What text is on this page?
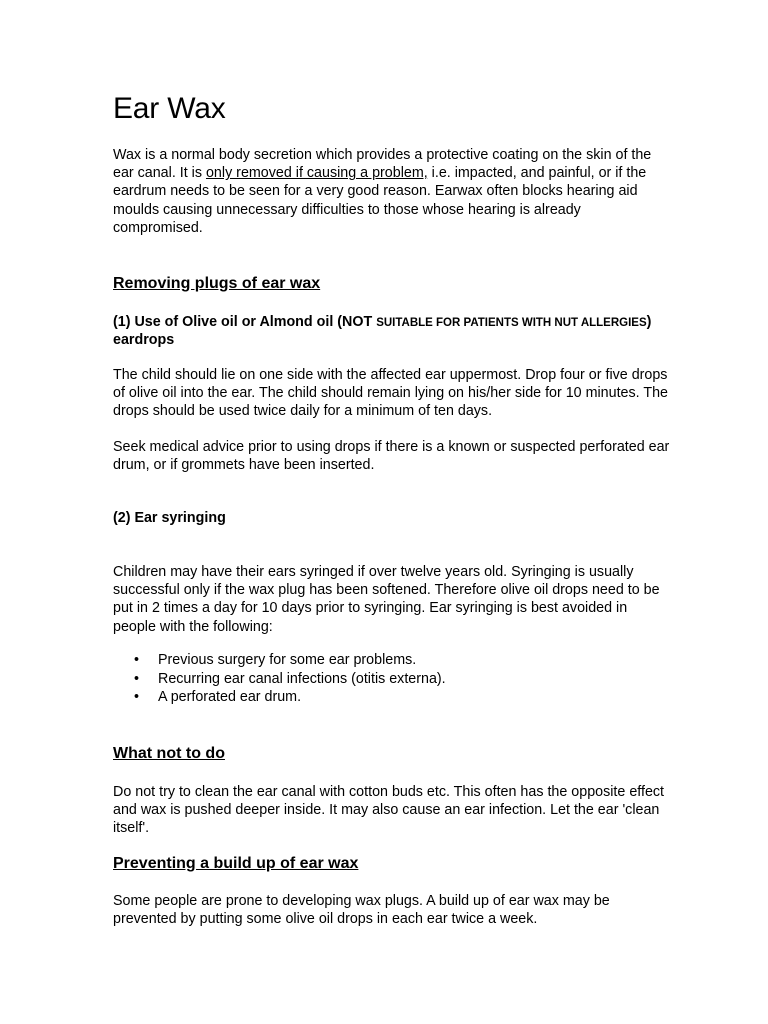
Ear Wax

Wax is a normal body secretion which provides a protective coating on the skin of the ear canal. It is only removed if causing a problem, i.e. impacted, and painful, or if the eardrum needs to be seen for a very good reason. Earwax often blocks hearing aid moulds causing unnecessary difficulties to those whose hearing is already compromised.

Removing plugs of ear wax
(1) Use of Olive oil or Almond oil (NOT SUITABLE FOR PATIENTS WITH NUT ALLERGIES) eardrops

The child should lie on one side with the affected ear uppermost. Drop four or five drops of olive oil into the ear. The child should remain lying on his/her side for 10 minutes. The drops should be used twice daily for a minimum of ten days.

Seek medical advice prior to using drops if there is a known or suspected perforated ear drum, or if grommets have been inserted.

(2) Ear syringing

Children may have their ears syringed if over twelve years old. Syringing is usually successful only if the wax plug has been softened. Therefore olive oil drops need to be put in 2 times a day for 10 days prior to syringing. Ear syringing is best avoided in people with the following:

• Previous surgery for some ear problems.
• Recurring ear canal infections (otitis externa).
• A perforated ear drum.
What not to do

Do not try to clean the ear canal with cotton buds etc. This often has the opposite effect and wax is pushed deeper inside. It may also cause an ear infection. Let the ear 'clean itself'.

Preventing a build up of ear wax

Some people are prone to developing wax plugs. A build up of ear wax may be prevented by putting some olive oil drops in each ear twice a week.
